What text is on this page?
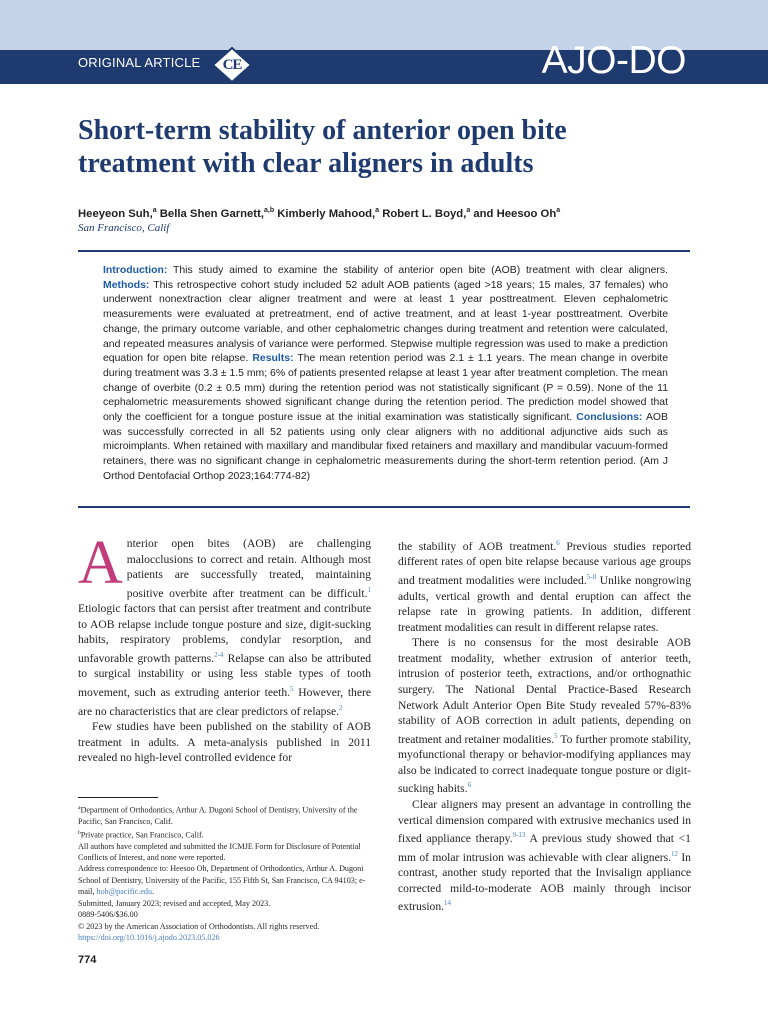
ORIGINAL ARTICLE	CE	AJO-DO
Short-term stability of anterior open bite treatment with clear aligners in adults
Heeyeon Suh,$^a$ Bella Shen Garnett,$^{a,b}$ Kimberly Mahood,$^a$ Robert L. Boyd,$^a$ and Heesoo Oh$^a$
San Francisco, Calif
Introduction: This study aimed to examine the stability of anterior open bite (AOB) treatment with clear aligners. Methods: This retrospective cohort study included 52 adult AOB patients (aged >18 years; 15 males, 37 females) who underwent nonextraction clear aligner treatment and were at least 1 year posttreatment. Eleven cephalometric measurements were evaluated at pretreatment, end of active treatment, and at least 1-year posttreatment. Overbite change, the primary outcome variable, and other cephalometric changes during treatment and retention were calculated, and repeated measures analysis of variance were performed. Stepwise multiple regression was used to make a prediction equation for open bite relapse. Results: The mean retention period was 2.1 ± 1.1 years. The mean change in overbite during treatment was 3.3 ± 1.5 mm; 6% of patients presented relapse at least 1 year after treatment completion. The mean change of overbite (0.2 ± 0.5 mm) during the retention period was not statistically significant (P = 0.59). None of the 11 cephalometric measurements showed significant change during the retention period. The prediction model showed that only the coefficient for a tongue posture issue at the initial examination was statistically significant. Conclusions: AOB was successfully corrected in all 52 patients using only clear aligners with no additional adjunctive aids such as microimplants. When retained with maxillary and mandibular fixed retainers and maxillary and mandibular vacuum-formed retainers, there was no significant change in cephalometric measurements during the short-term retention period. (Am J Orthod Dentofacial Orthop 2023;164:774-82)

Anterior open bites (AOB) are challenging malocclusions to correct and retain. Although most patients are successfully treated, maintaining positive overbite after treatment can be difficult.$^1$ Etiologic factors that can persist after treatment and contribute to AOB relapse include tongue posture and size, digit-sucking habits, respiratory problems, condylar resorption, and unfavorable growth patterns.$^{2-4}$ Relapse can also be attributed to surgical instability or using less stable types of tooth movement, such as extruding anterior teeth.$^5$ However, there are no characteristics that are clear predictors of relapse.$^2$

Few studies have been published on the stability of AOB treatment in adults. A meta-analysis published in 2011 revealed no high-level controlled evidence for

the stability of AOB treatment.$^6$ Previous studies reported different rates of open bite relapse because various age groups and treatment modalities were included.$^{5-8}$ Unlike nongrowing adults, vertical growth and dental eruption can affect the relapse rate in growing patients. In addition, different treatment modalities can result in different relapse rates.

There is no consensus for the most desirable AOB treatment modality, whether extrusion of anterior teeth, intrusion of posterior teeth, extractions, and/or orthognathic surgery. The National Dental Practice-Based Research Network Adult Anterior Open Bite Study revealed 57%-83% stability of AOB correction in adult patients, depending on treatment and retainer modalities.$^5$ To further promote stability, myofunctional therapy or behavior-modifying appliances may also be indicated to correct inadequate tongue posture or digit-sucking habits.$^6$

Clear aligners may present an advantage in controlling the vertical dimension compared with extrusive mechanics used in fixed appliance therapy.$^{9-13}$ A previous study showed that <1 mm of molar intrusion was achievable with clear aligners.$^{12}$ In contrast, another study reported that the Invisalign appliance corrected mild-to-moderate AOB mainly through incisor extrusion.$^{14}$

$^a$Department of Orthodontics, Arthur A. Dugoni School of Dentistry, University of the Pacific, San Francisco, Calif.
$^b$Private practice, San Francisco, Calif.
All authors have completed and submitted the ICMJE Form for Disclosure of Potential Conflicts of Interest, and none were reported.
Address correspondence to: Heesoo Oh, Department of Orthodontics, Arthur A. Dugoni School of Dentistry, University of the Pacific, 155 Fifth St, San Francisco, CA 94103; e-mail, hoh@pacific.edu.
Submitted, January 2023; revised and accepted, May 2023.
0889-5406/$36.00
© 2023 by the American Association of Orthodontists. All rights reserved.
https://doi.org/10.1016/j.ajodo.2023.05.026
774
